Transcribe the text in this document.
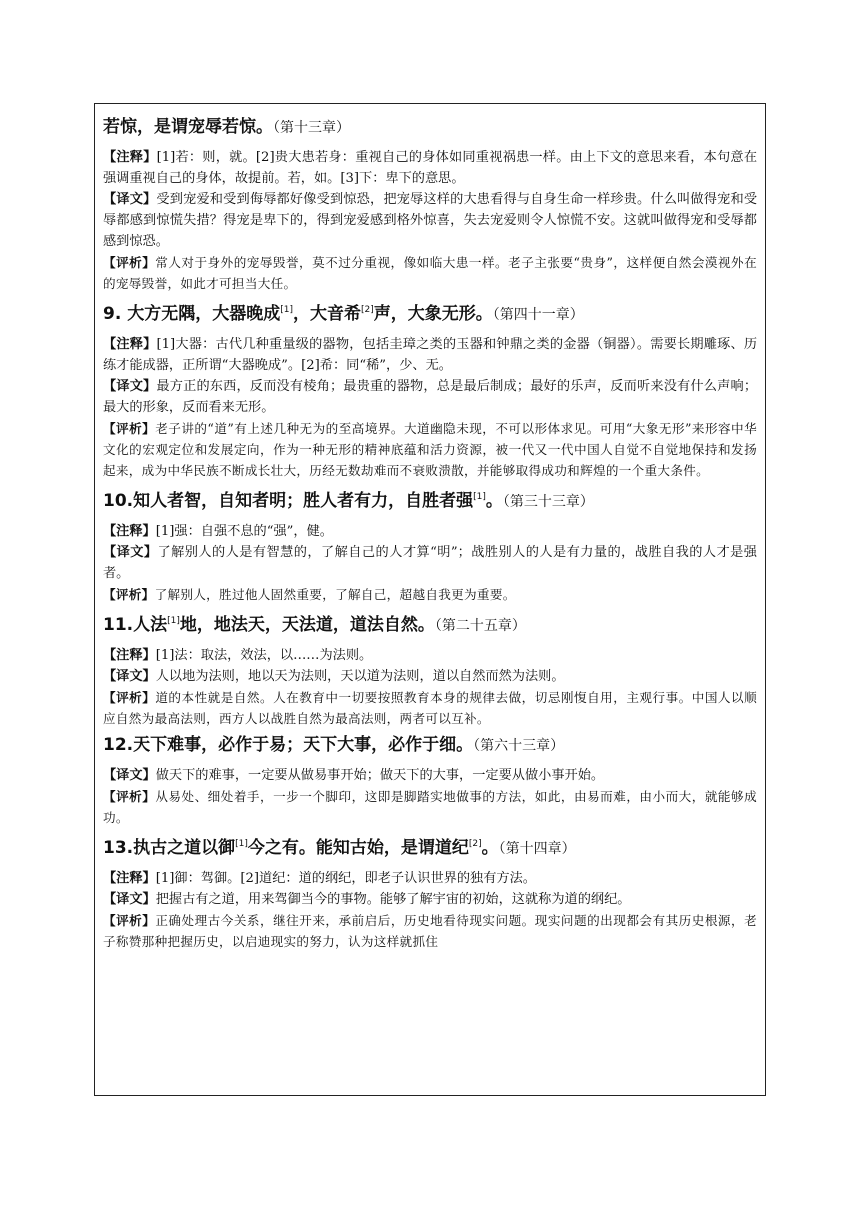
若惊，是谓宠辱若惊。（第十三章）

【注释】[1]若：则，就。[2]贵大患若身：重视自己的身体如同重视祸患一样。由上下文的意思来看，本句意在强调重视自己的身体，故提前。若，如。[3]下：卑下的意思。

【译文】受到宠爱和受到侮辱都好像受到惊恐，把宠辱这样的大患看得与自身生命一样珍贵。什么叫做得宠和受辱都感到惊慌失措？得宠是卑下的，得到宠爱感到格外惊喜，失去宠爱则令人惊慌不安。这就叫做得宠和受辱都感到惊恐。

【评析】常人对于身外的宠辱毁誉，莫不过分重视，像如临大患一样。老子主张要“贵身”，这样便自然会漠视外在的宠辱毁誉，如此才可担当大任。

9. 大方无隅，大器晚成[1]，大音希[2]声，大象无形。（第四十一章）

【注释】[1]大器：古代几种重量级的器物，包括圭璋之类的玉器和钟鼎之类的金器（铜器）。需要长期雕琢、历练才能成器，正所谓“大器晚成”。[2]希：同“稀”，少、无。

【译文】最方正的东西，反而没有棱角；最贵重的器物，总是最后制成；最好的乐声，反而听来没有什么声响；最大的形象，反而看来无形。

【评析】老子讲的“道”有上述几种无为的至高境界。大道幽隐未现，不可以形体求见。可用“大象无形”来形容中华文化的宏观定位和发展定向，作为一种无形的精神底蕴和活力资源，被一代又一代中国人自觉不自觉地保持和发扬起来，成为中华民族不断成长壮大，历经无数劫难而不衰败溃散，并能够取得成功和辉煌的一个重大条件。

10.知人者智，自知者明；胜人者有力，自胜者强[1]。（第三十三章）

【注释】[1]强：自强不息的“强”，健。

【译文】了解别人的人是有智慧的，了解自己的人才算“明”；战胜别人的人是有力量的，战胜自我的人才是强者。

【评析】了解别人，胜过他人固然重要，了解自己，超越自我更为重要。

11.人法[1]地，地法天，天法道，道法自然。（第二十五章）

【注释】[1]法：取法，效法，以……为法则。

【译文】人以地为法则，地以天为法则，天以道为法则，道以自然而然为法则。

【评析】道的本性就是自然。人在教育中一切要按照教育本身的规律去做，切忌刚愎自用，主观行事。中国人以顺应自然为最高法则，西方人以战胜自然为最高法则，两者可以互补。

12.天下难事，必作于易；天下大事，必作于细。（第六十三章）

【译文】做天下的难事，一定要从做易事开始；做天下的大事，一定要从做小事开始。

【评析】从易处、细处着手，一步一个脚印，这即是脚踏实地做事的方法，如此，由易而难，由小而大，就能够成功。

13.执古之道以御[1]今之有。能知古始，是谓道纪[2]。（第十四章）

【注释】[1]御：驾御。[2]道纪：道的纲纪，即老子认识世界的独有方法。

【译文】把握古有之道，用来驾御当今的事物。能够了解宇宙的初始，这就称为道的纲纪。

【评析】正确处理古今关系，继往开来，承前启后，历史地看待现实问题。现实问题的出现都会有其历史根源，老子称赞那种把握历史，以启迪现实的努力，认为这样就抓住
